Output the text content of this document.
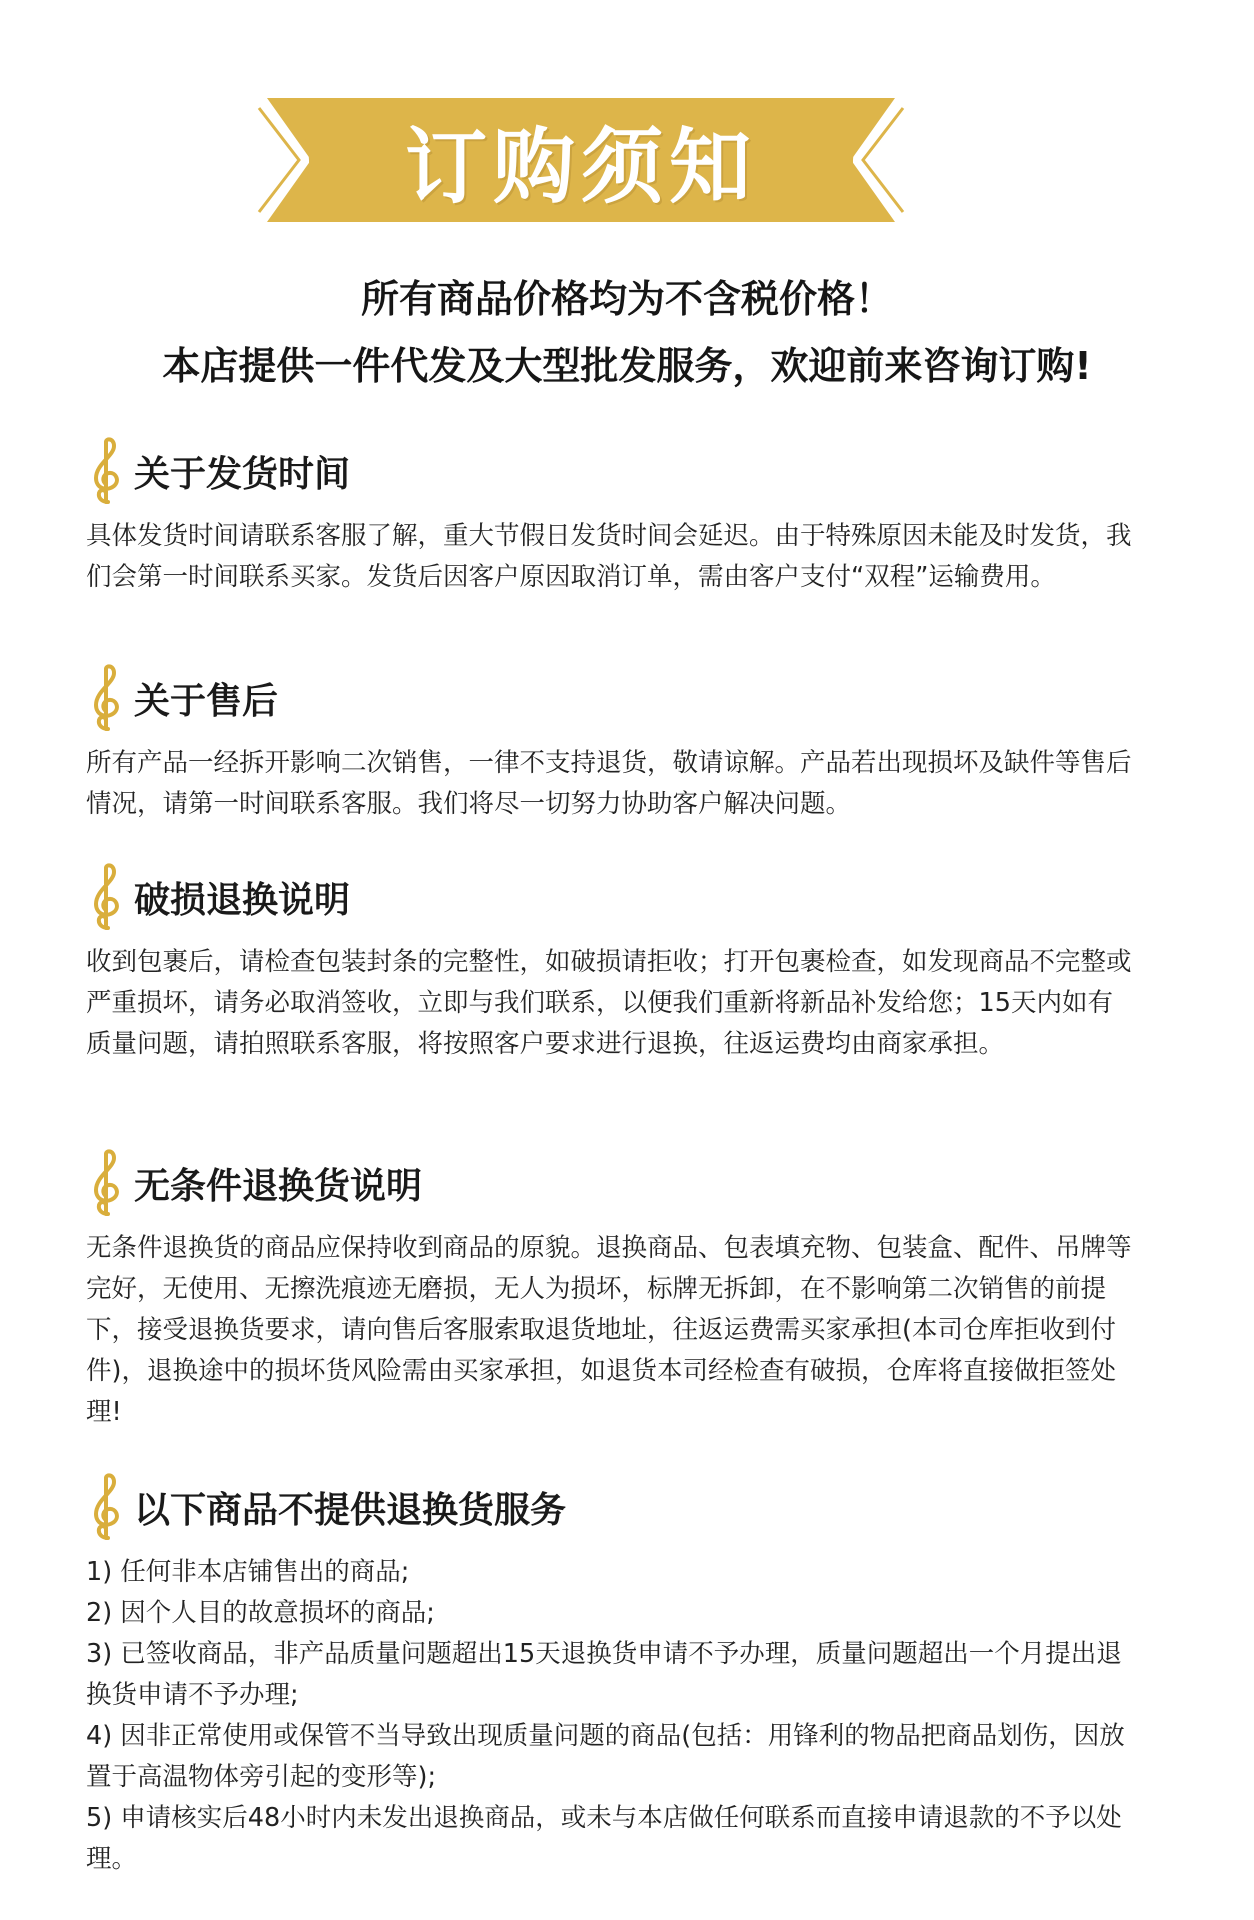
订购须知
所有商品价格均为不含税价格！
本店提供一件代发及大型批发服务，欢迎前来咨询订购!
关于发货时间

具体发货时间请联系客服了解，重大节假日发货时间会延迟。由于特殊原因未能及时发货，我们会第一时间联系买家。发货后因客户原因取消订单，需由客户支付“双程”运输费用。

关于售后

所有产品一经拆开影响二次销售，一律不支持退货，敬请谅解。产品若出现损坏及缺件等售后情况，请第一时间联系客服。我们将尽一切努力协助客户解决问题。

破损退换说明

收到包裹后，请检查包装封条的完整性，如破损请拒收；打开包裹检查，如发现商品不完整或严重损坏，请务必取消签收，立即与我们联系，以便我们重新将新品补发给您；15天内如有质量问题，请拍照联系客服，将按照客户要求进行退换，往返运费均由商家承担。

无条件退换货说明

无条件退换货的商品应保持收到商品的原貌。退换商品、包表填充物、包装盒、配件、吊牌等完好，无使用、无擦洗痕迹无磨损，无人为损坏，标牌无拆卸，在不影响第二次销售的前提下，接受退换货要求，请向售后客服索取退货地址，往返运费需买家承担(本司仓库拒收到付件)，退换途中的损坏货风险需由买家承担，如退货本司经检查有破损，仓库将直接做拒签处理!

以下商品不提供退换货服务
1) 任何非本店铺售出的商品;
2) 因个人目的故意损坏的商品;
3) 已签收商品，非产品质量问题超出15天退换货申请不予办理，质量问题超出一个月提出退换货申请不予办理;
4) 因非正常使用或保管不当导致出现质量问题的商品(包括：用锋利的物品把商品划伤，因放置于高温物体旁引起的变形等);
5) 申请核实后48小时内未发出退换商品，或未与本店做任何联系而直接申请退款的不予以处理。
